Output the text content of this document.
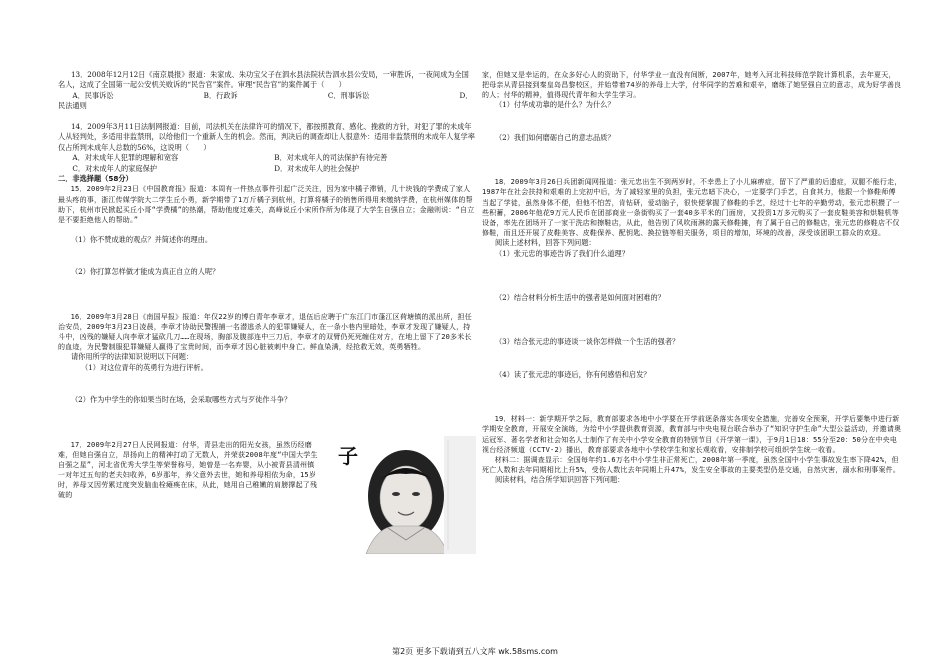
13．2008年12月12日《南京晨报》报道：朱家成、朱功宝父子在泗水县法院状告泗水县公安局，一审胜诉，一夜间成为全国名人，这成了全国第一起公安机关败诉的“民告官”案件。审理“民告官”的案件属于（　　）

A．民事诉讼	B．行政诉	C．刑事诉讼	D．

民法通则

14．2009年3月11日法制网报道：目前，司法机关在法律许可的情况下，都按照教育、感化、挽救的方针，对犯了罪的未成年人从轻判处，多适用非监禁刑，以给他们一个重新人生的机会。然而，判决后的调查却让人很意外：适用非监禁刑的未成年人复学率仅占所判未成年人总数的56%，这说明（　　）

A．对未成年人犯罪的理解和宽容	B．对未成年人的司法保护有待完善
C．对未成年人的家庭保护	D．对未成年人的社会保护

二．非选择题（58分）

15．2009年2月23日《中国教育报》报道：本周有一件热点事件引起广泛关注，因为家中橘子滞销，几十块钱的学费成了家人最头疼的事，浙江传媒学院大二学生丘小勇，新学期带了1万斤橘子到杭州，打算将橘子的销售所得用来缴纳学费，在杭州媒体的帮助下，杭州市民掀起买丘小哥“学费橘”的热潮，帮助他度过难关，高峰说丘小宋所作所为体现了大学生自强自立；金融则说：“自立是不要拒绝他人的帮助。”

（1）你不赞成谁的观点？并简述你的理由。

（2）你打算怎样做才能成为真正自立的人呢？

16．2009年3月28日《南国早报》报道：年仅22岁的博白青年李章才，退伍后应聘于广东江门市蓬江区荷塘镇的派出所，担任治安员，2009年3月23日凌晨，李章才协助民警搜捕一名潜逃杀人的犯罪嫌疑人，在一条小巷内里暗处，李章才发现了嫌疑人，持斗中，凶残的嫌疑人向李章才猛砍几刀……在现场，胸部及腹部连中三刀后，李章才的双臂仍死死缠住对方，在地上留下了20多米长的血迹，为民警制服犯罪嫌疑人赢得了宝贵时间，而李章才因心脏被刺中身亡。鲜血染满，经抢救无效，英勇牺牲。

请你用所学的法律知识说明以下问题：

（1）对这位青年的英勇行为进行评析。

（2）作为中学生的你如果当时在场，会采取哪些方式与歹徒作斗争？

17．2009年2月27日人民网报道：付华，青县走出的阳光女孩，虽然历经磨难，但她自强自立，昂扬向上的精神打动了无数人，并荣获2008年度“中国大学生自强之星”，河北省优秀大学生等荣誉称号，她曾是一名弃婴，从小被青县清州镇一对年过五旬的老夫妇收养，6岁那年，养父意外去世，她和养母相依为命，15岁时，养母又因劳累过度突发脑血栓瘫痪在床，从此，她用自己稚嫩的肩膀撑起了残破的

子

家，但她又是幸运的，在众多好心人的资助下，付华学业一直没有间断，2007年，她考入河北科技师范学院计算机系，去年夏天，把母亲从青县接到秦皇岛昌黎校区，并始带着74岁的养母上大学，付华同学的苦难和艰辛，磨练了她坚强自立的意志，成为好学善良的人；付华的精神，值得现代青年和大学生学习。

（1）付华成功靠的是什么？为什么？

（2）我们如何磨砺自己的意志品质？

18．2009年3月26日兵团新闻网报道：张元忠出生不到两岁时，不幸患上了小儿麻痹症，留下了严重的后遗症，双腿不能行走，1987年在社会扶持和艰难的上完初中后，为了减轻家里的负担，张元忠暗下决心，一定要学门手艺，自食其力，他跟一个修鞋师傅当起了学徒，虽然身体不便，但他不怕苦，肯钻研，爱动脑子，很快便掌握了修鞋的手艺，经过十七年的辛勤劳动，张元忠积攒了一些积蓄，2006年他花9万元人民币在团部商业一条街购买了一套40多平米的门面房，又投资1万多元购买了一套皮鞋美容和烘鞋机等设备，率先在团场开了一家干洗店和擦鞋店，从此，他告别了风吹雨淋的露天修鞋摊，有了属于自己的修鞋店，张元忠的修鞋店不仅修鞋，而且还开展了皮鞋美容、皮鞋保养、配钥匙、换拉链等相关服务，项目的增加，环境的改善，深受该团职工群众的欢迎。

阅读上述材料，回答下列问题：

（1）张元忠的事迹告诉了我们什么道理？

（2）结合材料分析生活中的强者是如何面对困难的？

（3）结合张元忠的事迹谈一谈你怎样做一个生活的强者？

（4）读了张元忠的事迹后，你有何感悟和启发？

19．材料一：新学期开学之际，教育部要求各地中小学要在开学前逐条落实各项安全措施，完善安全预案，开学后要集中进行新学期安全教育，开展安全演练，为给中小学提供教育资源，教育部与中央电视台联合举办了“知识守护生命”大型公益活动，并邀请奥运冠军、著名学者和社会知名人士制作了有关中小学安全教育的特别节目《开学第一课》，于9月1日18：55分至20：50分在中央电视台经济频道（CCTV-2）播出，教育部要求各地中小学校学生和家长观收看，安排制学校可组织学生统一收看。

材料二：据调查显示：全国每年约1.6万名中小学生非正常死亡，2008年第一季度，虽然全国中小学生事故发生率下降42%，但死亡人数和去年同期相比上升5%，受伤人数比去年同期上升47%，发生安全事故的主要类型仍是交通，自然灾害，溺水和刑事案件。

阅读材料，结合所学知识回答下列问题：

第2页 更多下载请到五八文库 wk.58sms.com
